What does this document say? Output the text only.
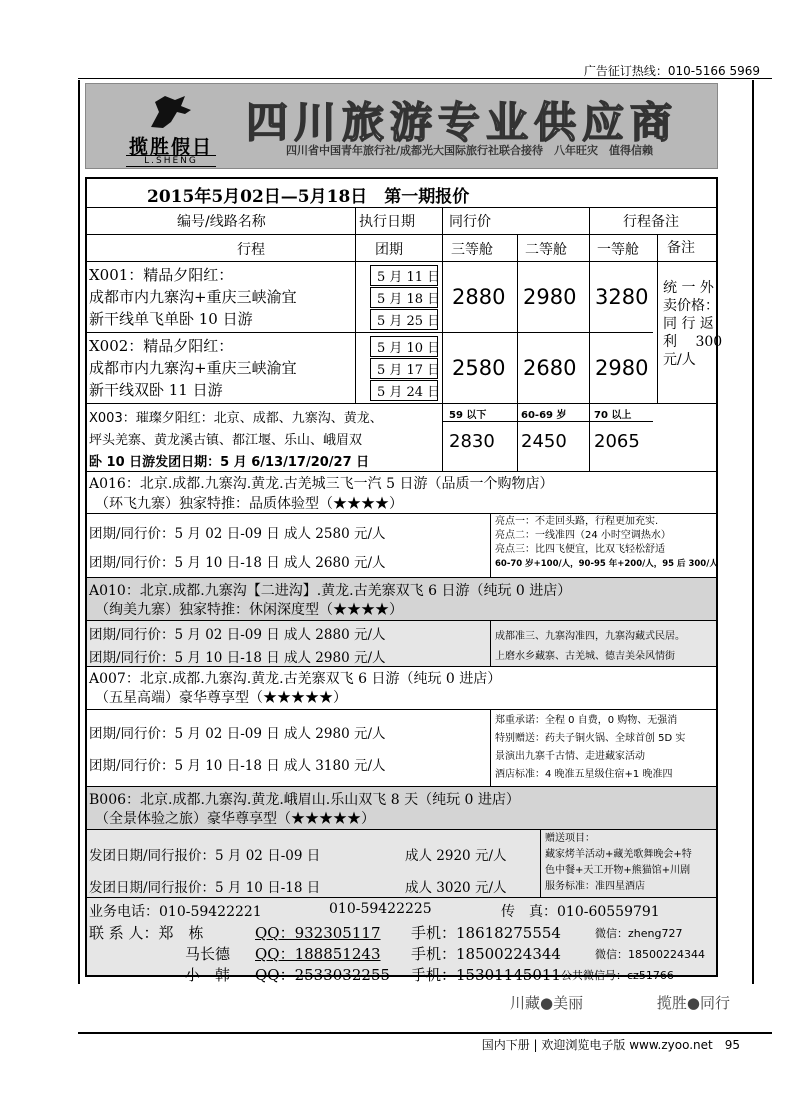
广告征订热线：010-5166 5969
揽胜假日
L.SHENG
四川旅游专业供应商
四川省中国青年旅行社/成都光大国际旅行社联合接待　八年旺灾　值得信赖
2015年5月02日—5月18日　第一期报价
编号/线路名称	执行日期 同行价	行程备注
行程	团期	三等舱 二等舱 一等舱 备注
X001：精品夕阳红：
成都市内九寨沟+重庆三峡渝宜
新干线单飞单卧 10 日游
5 月 11 日
5 月 18 日
5 月 25 日
2880 2980 3280
X002：精品夕阳红：
成都市内九寨沟+重庆三峡渝宜
新干线双卧 11 日游
5 月 10 日
5 月 17 日
5 月 24 日
2580 2680 2980
统 一 外
卖价格：
同 行 返
利　 300
元/人
X003：璀璨夕阳红：北京、成都、九寨沟、黄龙、
坪头羌寨、黄龙溪古镇、都江堰、乐山、峨眉双
卧 10 日游发团日期：5 月 6/13/17/20/27 日
59 以下	60-69 岁	70 以上
2830 2450 2065
A016：北京.成都.九寨沟.黄龙.古羌城三飞一汽 5 日游（品质一个购物店）
（环飞九寨）独家特推：品质体验型（★★★★）
团期/同行价：5 月 02 日-09 日 成人 2580 元/人
团期/同行价：5 月 10 日-18 日 成人 2680 元/人
亮点一：不走回头路，行程更加充实.
亮点二：一线准四（24 小时空调热水）
亮点三：比四飞便宜，比双飞轻松舒适
60-70 岁+100/人，90-95 年+200/人，95 后 300/人
A010：北京.成都.九寨沟【二进沟】.黄龙.古羌寨双飞 6 日游（纯玩 0 进店）
（绚美九寨）独家特推：休闲深度型（★★★★）
团期/同行价：5 月 02 日-09 日 成人 2880 元/人
团期/同行价：5 月 10 日-18 日 成人 2980 元/人
成都准三、九寨沟准四，九寨沟藏式民居。
上磨水乡藏寨、古羌城、德吉美朵风情街
A007：北京.成都.九寨沟.黄龙.古羌寨双飞 6 日游（纯玩 0 进店）
（五星高端）豪华尊享型（★★★★★）
团期/同行价：5 月 02 日-09 日 成人 2980 元/人
团期/同行价：5 月 10 日-18 日 成人 3180 元/人
郑重承诺：全程 0 自费，0 购物、无强消
特别赠送：药夫子铜火锅、全球首创 5D 实
景演出九寨千古情、走进藏家活动
酒店标准：4 晚准五星级住宿+1 晚准四
B006：北京.成都.九寨沟.黄龙.峨眉山.乐山双飞 8 天（纯玩 0 进店）
（全景体验之旅）豪华尊享型（★★★★★）
发团日期/同行报价：5 月 02 日-09 日	成人 2920 元/人
发团日期/同行报价：5 月 10 日-18 日	成人 3020 元/人
赠送项目：
藏家烤羊活动+藏羌歌舞晚会+特
色中餐+天工开物+熊猫馆+川剧
服务标准：准四星酒店
业务电话：010-59422221	010-59422225	传　真：010-60559791
联 系 人：郑　栋	QQ：932305117 手机：18618275554	微信：zheng727
马长德 QQ：188851243 手机：18500224344	微信：18500224344
小　韩 QQ：2533032255 手机：15301145011 公共微信号：cz51766
川藏●美丽	揽胜●同行
国内下册 | 欢迎浏览电子版 www.zyoo.net　95
